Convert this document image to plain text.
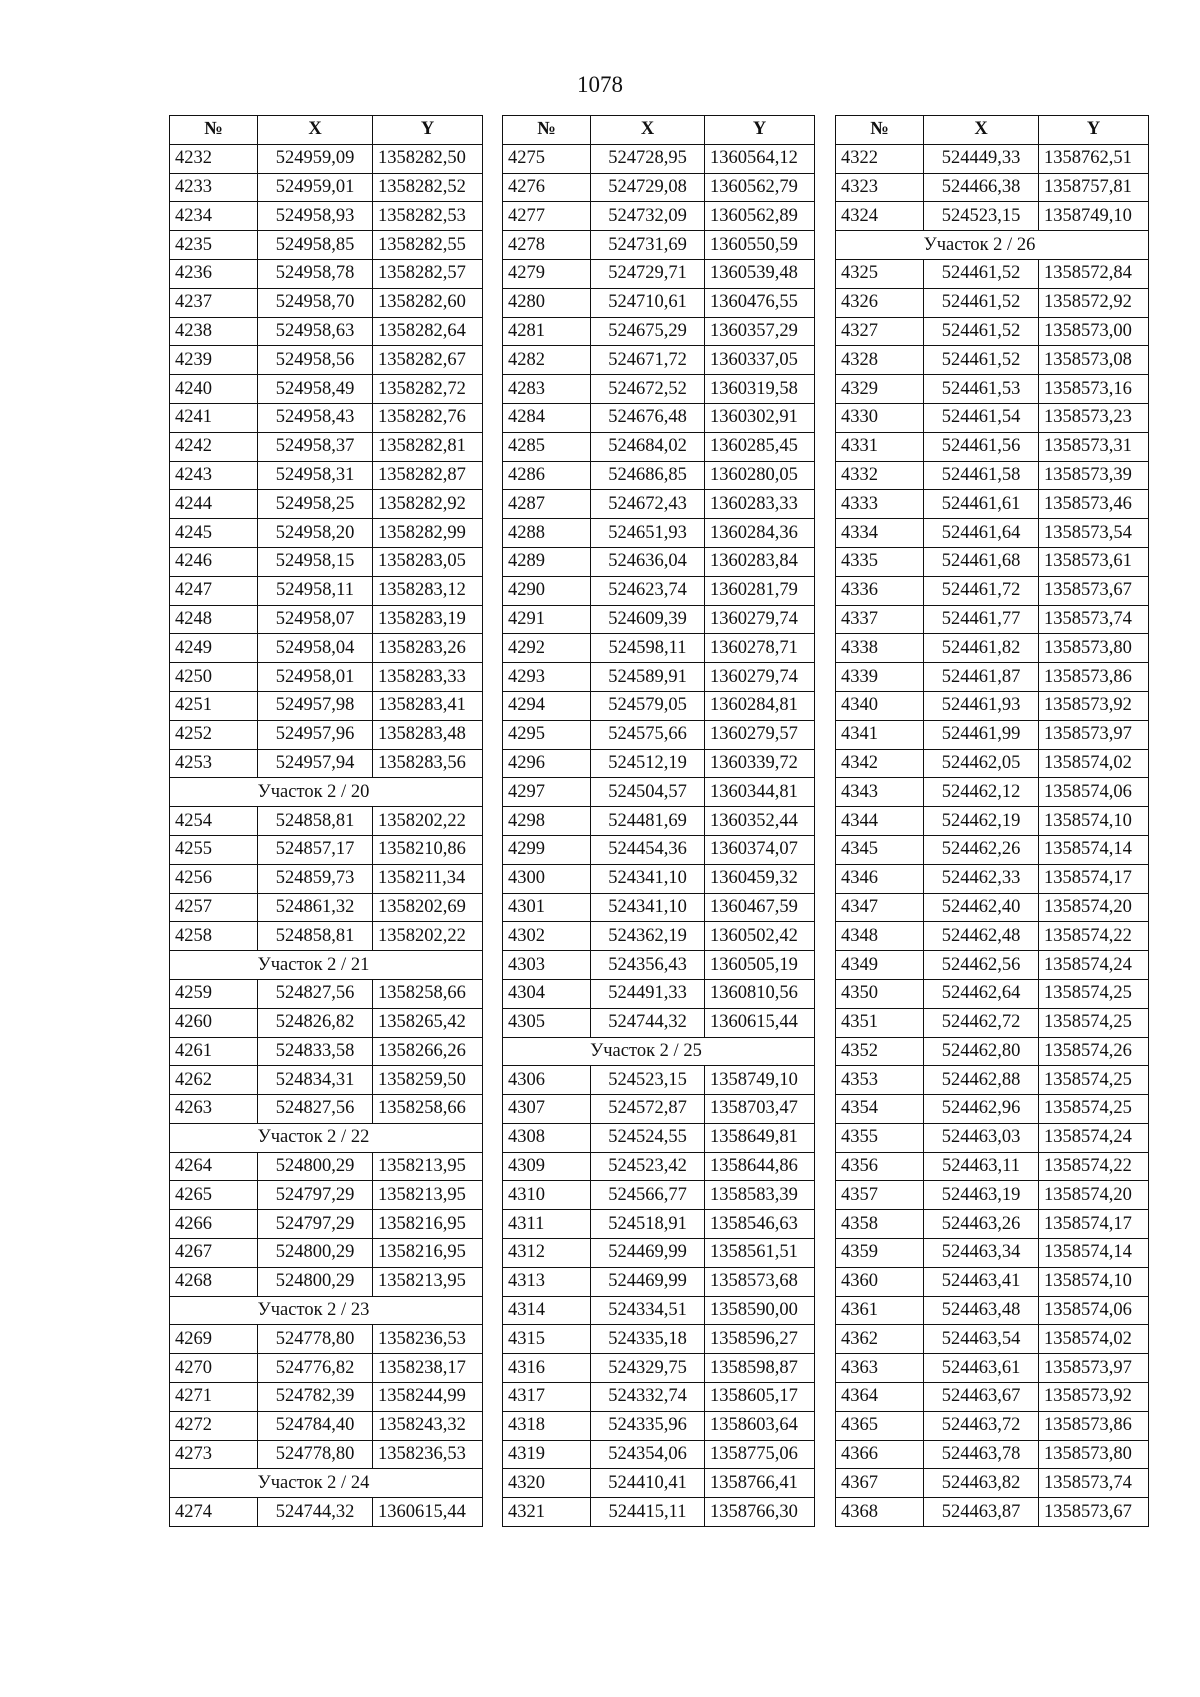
1078
№	X	Y
4232	524959,09	1358282,50
4233	524959,01	1358282,52
4234	524958,93	1358282,53
4235	524958,85	1358282,55
4236	524958,78	1358282,57
4237	524958,70	1358282,60
4238	524958,63	1358282,64
4239	524958,56	1358282,67
4240	524958,49	1358282,72
4241	524958,43	1358282,76
4242	524958,37	1358282,81
4243	524958,31	1358282,87
4244	524958,25	1358282,92
4245	524958,20	1358282,99
4246	524958,15	1358283,05
4247	524958,11	1358283,12
4248	524958,07	1358283,19
4249	524958,04	1358283,26
4250	524958,01	1358283,33
4251	524957,98	1358283,41
4252	524957,96	1358283,48
4253	524957,94	1358283,56
Участок 2 / 20		
4254	524858,81	1358202,22
4255	524857,17	1358210,86
4256	524859,73	1358211,34
4257	524861,32	1358202,69
4258	524858,81	1358202,22
Участок 2 / 21		
4259	524827,56	1358258,66
4260	524826,82	1358265,42
4261	524833,58	1358266,26
4262	524834,31	1358259,50
4263	524827,56	1358258,66
Участок 2 / 22		
4264	524800,29	1358213,95
4265	524797,29	1358213,95
4266	524797,29	1358216,95
4267	524800,29	1358216,95
4268	524800,29	1358213,95
Участок 2 / 23		
4269	524778,80	1358236,53
4270	524776,82	1358238,17
4271	524782,39	1358244,99
4272	524784,40	1358243,32
4273	524778,80	1358236,53
Участок 2 / 24		
4274	524744,32	1360615,44
№	X	Y
4275	524728,95	1360564,12
4276	524729,08	1360562,79
4277	524732,09	1360562,89
4278	524731,69	1360550,59
4279	524729,71	1360539,48
4280	524710,61	1360476,55
4281	524675,29	1360357,29
4282	524671,72	1360337,05
4283	524672,52	1360319,58
4284	524676,48	1360302,91
4285	524684,02	1360285,45
4286	524686,85	1360280,05
4287	524672,43	1360283,33
4288	524651,93	1360284,36
4289	524636,04	1360283,84
4290	524623,74	1360281,79
4291	524609,39	1360279,74
4292	524598,11	1360278,71
4293	524589,91	1360279,74
4294	524579,05	1360284,81
4295	524575,66	1360279,57
4296	524512,19	1360339,72
4297	524504,57	1360344,81
4298	524481,69	1360352,44
4299	524454,36	1360374,07
4300	524341,10	1360459,32
4301	524341,10	1360467,59
4302	524362,19	1360502,42
4303	524356,43	1360505,19
4304	524491,33	1360810,56
4305	524744,32	1360615,44
Участок 2 / 25		
4306	524523,15	1358749,10
4307	524572,87	1358703,47
4308	524524,55	1358649,81
4309	524523,42	1358644,86
4310	524566,77	1358583,39
4311	524518,91	1358546,63
4312	524469,99	1358561,51
4313	524469,99	1358573,68
4314	524334,51	1358590,00
4315	524335,18	1358596,27
4316	524329,75	1358598,87
4317	524332,74	1358605,17
4318	524335,96	1358603,64
4319	524354,06	1358775,06
4320	524410,41	1358766,41
4321	524415,11	1358766,30
№	X	Y
4322	524449,33	1358762,51
4323	524466,38	1358757,81
4324	524523,15	1358749,10
Участок 2 / 26		
4325	524461,52	1358572,84
4326	524461,52	1358572,92
4327	524461,52	1358573,00
4328	524461,52	1358573,08
4329	524461,53	1358573,16
4330	524461,54	1358573,23
4331	524461,56	1358573,31
4332	524461,58	1358573,39
4333	524461,61	1358573,46
4334	524461,64	1358573,54
4335	524461,68	1358573,61
4336	524461,72	1358573,67
4337	524461,77	1358573,74
4338	524461,82	1358573,80
4339	524461,87	1358573,86
4340	524461,93	1358573,92
4341	524461,99	1358573,97
4342	524462,05	1358574,02
4343	524462,12	1358574,06
4344	524462,19	1358574,10
4345	524462,26	1358574,14
4346	524462,33	1358574,17
4347	524462,40	1358574,20
4348	524462,48	1358574,22
4349	524462,56	1358574,24
4350	524462,64	1358574,25
4351	524462,72	1358574,25
4352	524462,80	1358574,26
4353	524462,88	1358574,25
4354	524462,96	1358574,25
4355	524463,03	1358574,24
4356	524463,11	1358574,22
4357	524463,19	1358574,20
4358	524463,26	1358574,17
4359	524463,34	1358574,14
4360	524463,41	1358574,10
4361	524463,48	1358574,06
4362	524463,54	1358574,02
4363	524463,61	1358573,97
4364	524463,67	1358573,92
4365	524463,72	1358573,86
4366	524463,78	1358573,80
4367	524463,82	1358573,74
4368	524463,87	1358573,67
